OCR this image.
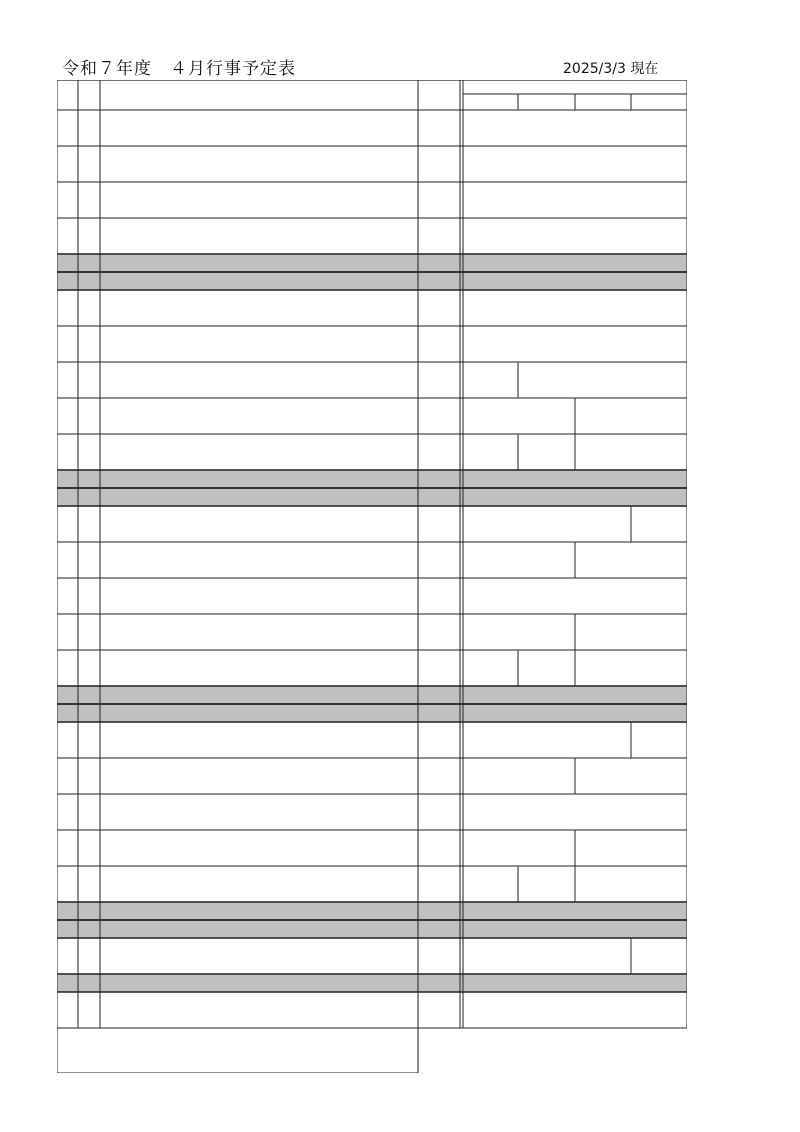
令和７年度　４月行事予定表	2025/3/3 現在
